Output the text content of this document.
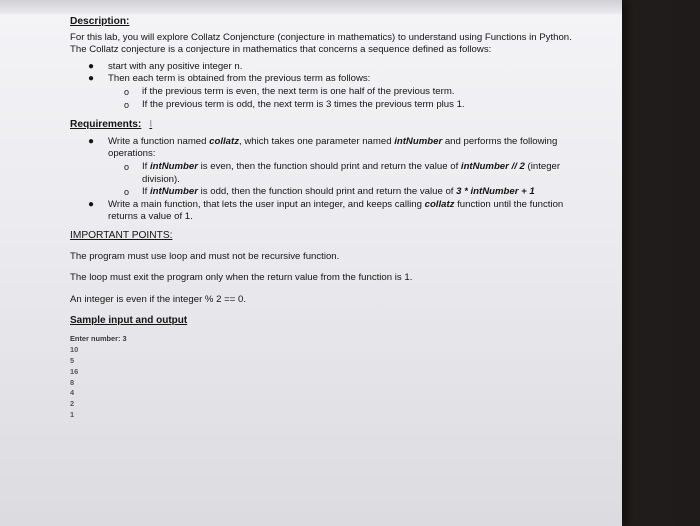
Description:

For this lab, you will explore Collatz Conjencture (conjecture in mathematics) to understand using Functions in Python. The Collatz conjecture is a conjecture in mathematics that concerns a sequence defined as follows:

● start with any positive integer n.
● Then each term is obtained from the previous term as follows:
o if the previous term is even, the next term is one half of the previous term.
o If the previous term is odd, the next term is 3 times the previous term plus 1.

Requirements: I

● Write a function named collatz, which takes one parameter named intNumber and performs the following operations:
o If intNumber is even, then the function should print and return the value of intNumber // 2 (integer division).
o If intNumber is odd, then the function should print and return the value of 3 * intNumber + 1
● Write a main function, that lets the user input an integer, and keeps calling collatz function until the function returns a value of 1.
IMPORTANT POINTS:
The program must use loop and must not be recursive function.
The loop must exit the program only when the return value from the function is 1.
An integer is even if the integer % 2 == 0.
Sample input and output
Enter number: 3
10
5
16
8
4
2
1
